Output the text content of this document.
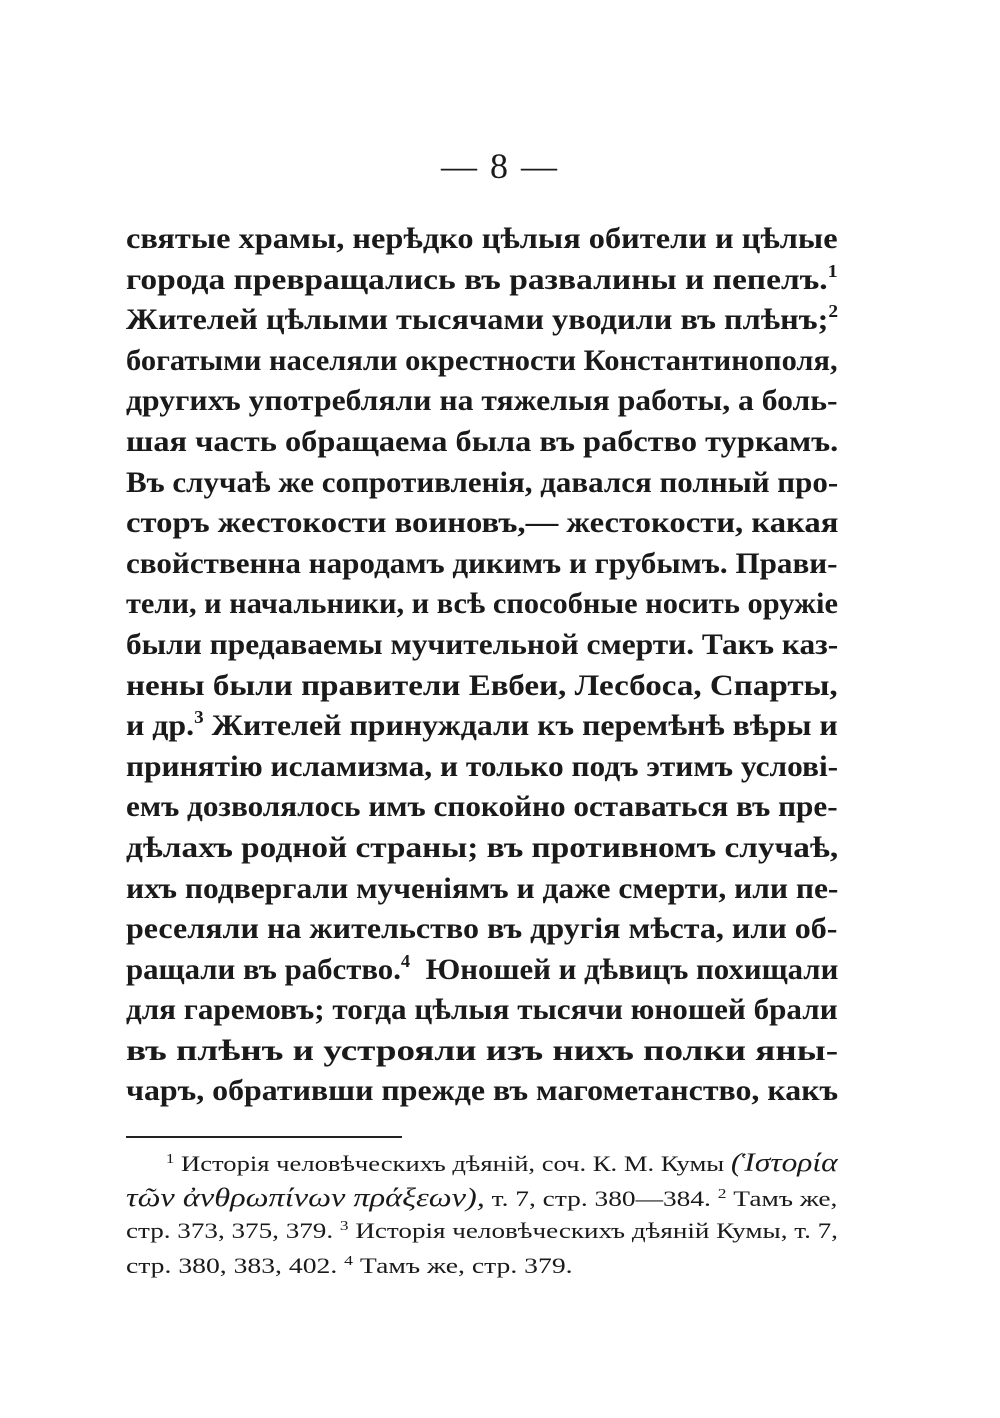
— 8 —
святые храмы, нерѣдко цѣлыя обители и цѣлые
города превращались въ развалины и пепелъ.$^1$
Жителей цѣлыми тысячами уводили въ плѣнъ;$^2$
богатыми населяли окрестности Константинополя,
другихъ употребляли на тяжелыя работы, а боль-
шая часть обращаема была въ рабство туркамъ.
Въ случаѣ же сопротивленія, давался полный про-
сторъ жестокости воиновъ,— жестокости, какая
свойственна народамъ дикимъ и грубымъ. Прави-
тели, и начальники, и всѣ способные носить оружіе
были предаваемы мучительной смерти. Такъ каз-
нены были правители Евбеи, Лесбоса, Спарты,
и др.$^3$ Жителей принуждали къ перемѣнѣ вѣры и
принятію исламизма, и только подъ этимъ услові-
емъ дозволялось имъ спокойно оставаться въ пре-
дѣлахъ родной страны; въ противномъ случаѣ,
ихъ подвергали мученіямъ и даже смерти, или пе-
реселяли на жительство въ другія мѣста, или об-
ращали въ рабство.$^4$ Юношей и дѣвицъ похищали
для гаремовъ; тогда цѣлыя тысячи юношей брали
въ плѣнъ и устрояли изъ нихъ полки яны-
чаръ, обративши прежде въ магометанство, какъ
$^1$ Исторія человѣческихъ дѣяній, соч. К. М. Кумы (Ἱστορία
τῶν ἀνθρωπίνων πράξεων), т. 7, стр. 380—384. $^2$ Тамъ же,
стр. 373, 375, 379. $^3$ Исторія человѣческихъ дѣяній Кумы, т. 7,
стр. 380, 383, 402. $^4$ Тамъ же, стр. 379.
